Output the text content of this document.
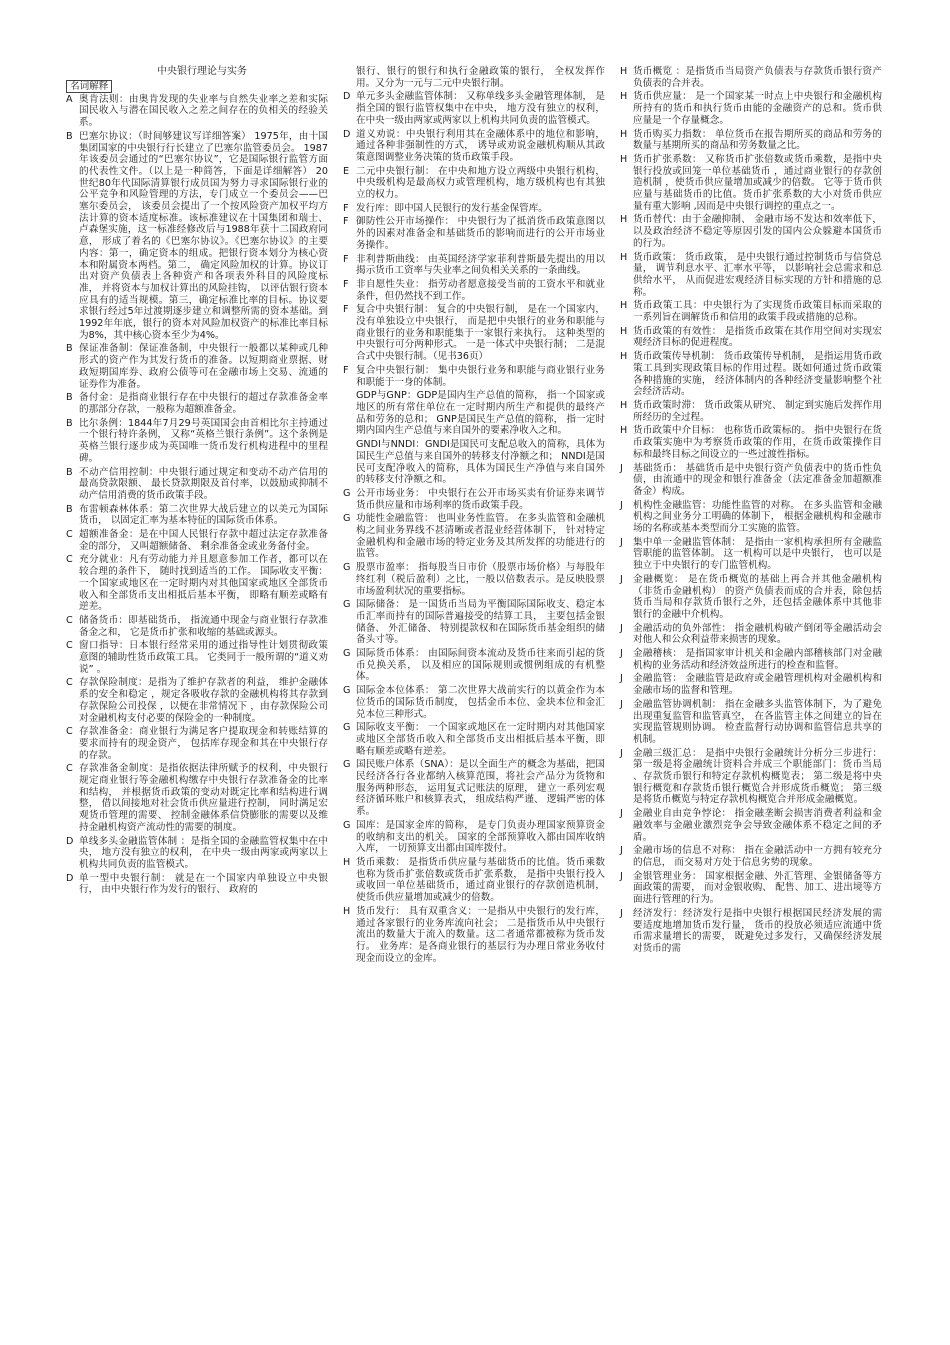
中央银行理论与实务
名词解释
A 奥肯法则：由奥肯发现的失业率与自然失业率之差和实际国民收入与潜在国民收入之差之间存在的负相关的经验关系。
B 巴塞尔协议：（时间够建议写详细答案） 1975年，由十国集团国家的中央银行行长建立了巴塞尔监管委员会。 1987年该委员会通过的“巴塞尔协议”，它是国际银行监管方面的代表性文件。（以上是一种简答，下面是详细解答） 20世纪80年代国际清算银行成员国为努力寻求国际银行业的公平竞争和风险管理的方法，专门成立一个委员会——巴塞尔委员会， 该委员会提出了一个按风险资产加权平均方法计算的资本适度标准。该标准建议在十国集团和瑞士、卢森堡实施，这一标准经修改后与1988年获十二国政府同意， 形成了着名的《巴塞尔协议》。《巴塞尔协议》的主要内容：第一，确定资本的组成。把银行资本划分为核心资本和附属资本两档。第二， 确定风险加权的计算。协议订出对资产负债表上各种资产和各项表外科目的风险度标准， 并将资本与加权计算出的风险挂钩， 以评估银行资本应具有的适当规模。第三，确定标准比率的目标。协议要求银行经过5年过渡期逐步建立和调整所需的资本基础。到1992年年底，银行的资本对风险加权资产的标准比率目标为8%，其中核心资本至少为4%。
B 保证准备制：保证准备制，中央银行一般都以某种或几种形式的资产作为其发行货币的准备。以短期商业票据、财政短期国库券、政府公债等可在金融市场上交易、流通的证券作为准备。
B 备付金：是指商业银行存在中央银行的超过存款准备金率的那部分存款，一般称为超额准备金。
B 比尔条例：1844年7月29号英国国会由首相比尔主持通过一个银行特许条例， 又称“英格兰银行条例”。这个条例是英格兰银行逐步成为英国唯一货币发行机构进程中的里程碑。
B 不动产信用控制：中央银行通过规定和变动不动产信用的最高贷款限额、 最长贷款期限及首付率，以鼓励或抑制不动产信用消费的货币政策手段。
B 布雷顿森林体系：第二次世界大战后建立的以美元为国际货币， 以固定汇率为基本特征的国际货币体系。
C 超额准备金：是在中国人民银行存款中超过法定存款准备金的部分， 又叫超额储备、 剩余准备金或业务备付金。
C 充分就业：凡有劳动能力并且愿意参加工作者，都可以在较合理的条件下， 随时找到适当的工作。 国际收支平衡：一个国家或地区在一定时期内对其他国家或地区全部货币收入和全部货币支出相抵后基本平衡， 即略有顺差或略有逆差。
C 储备货币：即基础货币， 指流通中现金与商业银行存款准备金之和， 它是货币扩张和收缩的基础或源头。
C 窗口指导：日本银行经常采用的通过指导性计划贯彻政策意图的辅助性货币政策工具。 它类同于一般所谓的“道义劝说” 。
C 存款保险制度：是指为了维护存款者的利益， 维护金融体系的安全和稳定 ，规定各吸收存款的金融机构将其存款到存款保险公司投保 ，以便在非常情况下 ，由存款保险公司对金融机构支付必要的保险金的一种制度。
C 存款准备金：商业银行为满足客户提取现金和转账结算的要求而持有的现金资产， 包括库存现金和其在中央银行存的存款。
C 存款准备金制度：是指依据法律所赋予的权利，中央银行规定商业银行等金融机构缴存中央银行存款准备金的比率和结构， 并根据货币政策的变动对既定比率和结构进行调整， 借以间接地对社会货币供应量进行控制， 同时满足宏观货币管理的需要、 控制金融体系信贷膨胀的需要以及维持金融机构资产流动性的需要的制度。
D 单线多头金融监管体制 ：是指全国的金融监管权集中在中央， 地方没有独立的权利， 在中央一级由两家或两家以上机构共同负责的监管模式。
D 单一型中央银行制： 就是在一个国家内单独设立中央银行， 由中央银行作为发行的银行、 政府的
银行、银行的银行和执行金融政策的银行， 全权发挥作用。又分为一元与二元中央银行制。
D 单元多头金融监管体制： 又称单线多头金融管理体制， 是指全国的银行监管权集中在中央， 地方没有独立的权利， 在中央一级由两家或两家以上机构共同负责的监管模式。
D 道义劝说：中央银行利用其在金融体系中的地位和影响， 通过各种非强制性的方式， 诱导或劝说金融机构顺从其政策意图调整业务决策的货币政策手段。
E 二元中央银行制： 在中央和地方设立两级中央银行机构，中央级机构是最高权力或管理机构，地方级机构也有其独立的权力。
F 发行库：即中国人民银行的发行基金保管库。
F 御防性公开市场操作： 中央银行为了抵消货币政策意图以外的因素对准备金和基础货币的影响而进行的公开市场业务操作。
F 非利普斯曲线： 由英国经济学家菲利普斯最先提出的用以揭示货币工资率与失业率之间负相关关系的一条曲线。
F 非自愿性失业： 指劳动者愿意接受当前的工资水平和就业条件，但仍然找不到工作。
F 复合中央银行制： 复合的中央银行制， 是在一个国家内， 没有单独设立中央银行， 而是把中央银行的业务和职能与商业银行的业务和职能集于一家银行来执行。 这种类型的中央银行可分两种形式。 一是一体式中央银行制； 二是混合式中央银行制。（见书36页）
F 复合中央银行制： 集中央银行业务和职能与商业银行业务和职能于一身的体制。
GDP与GNP：GDP是国内生产总值的简称， 指一个国家或地区的所有常住单位在一定时期内所生产和提供的最终产品和劳务的总和； GNP是国民生产总值的简称， 指一定时期内国内生产总值与来自国外的要素净收入之和。
GNDI与NNDI：GNDI是国民可支配总收入的简称，具体为国民生产总值与来自国外的转移支付净额之和； NNDI是国民可支配净收入的简称，具体为国民生产净值与来自国外的转移支付净额之和。
G 公开市场业务： 中央银行在公开市场买卖有价证券来调节货币供应量和市场利率的货币政策手段。
G 功能性金融监管： 也叫业务性监管。 在多头监管和金融机构之间业务界线不甚清晰或者混业经营体制下， 针对特定金融机构和金融市场的特定业务及其所发挥的功能进行的监管。
G 股票市盈率： 指每股当日市价（股票市场价格）与每股年终红利（税后盈利）之比，一般以倍数表示。是反映股票市场盈利状况的重要指标。
G 国际储备： 是一国货币当局为平衡国际国际收支、稳定本币汇率而持有的国际普遍接受的结算工具， 主要包括金银储备、 外汇储备、 特别提款权和在国际货币基金组织的储备头寸等。
G 国际货币体系： 由国际间资本流动及货币往来而引起的货币兑换关系， 以及相应的国际规则或惯例组成的有机整体。
G 国际金本位体系： 第二次世界大战前实行的以黄金作为本位货币的国际货币制度， 包括金币本位、金块本位和金汇兑本位三种形式。
G 国际收支平衡： 一个国家或地区在一定时期内对其他国家或地区全部货币收入和全部货币支出相抵后基本平衡，即略有顺差或略有逆差。
G 国民账户体系（SNA）：是以全面生产的概念为基础，把国民经济各行各业都纳入核算范围，将社会产品分为货物和服务两种形态， 运用复式记账法的原理， 建立一系列宏观经济循环账户和核算表式， 组成结构严谨、 逻辑严密的体系。
G 国库：是国家金库的简称， 是专门负责办理国家预算资金的收纳和支出的机关。 国家的全部预算收入都由国库收纳入库， 一切预算支出都由国库拨付。
H 货币乘数： 是指货币供应量与基础货币的比值。货币乘数也称为货币扩张倍数或货币扩张系数， 是指中央银行投入或收回一单位基础货币，通过商业银行的存款创造机制， 使货币供应量增加或减少的倍数。
H 货币发行： 具有双重含义：一是指从中央银行的发行库，通过各家银行的业务库流向社会； 二是指货币从中央银行流出的数量大于流入的数量。这二者通常都被称为货币发行。 业务库：是各商业银行的基层行为办理日常业务收付现金而设立的金库。
H 货币概览 ：是指货币当局资产负债表与存款货币银行资产负债表的合并表。
H 货币供应量： 是一个国家某一时点上中央银行和金融机构所持有的货币和执行货币由能的金融资产的总和。货币供应量是一个存量概念。
H 货币购买力指数： 单位货币在报告期所买的商品和劳务的数量与基期所买的商品和劳务数量之比。
H 货币扩张系数： 又称货币扩张倍数或货币乘数，是指中央银行投放或回笼一单位基础货币 ，通过商业银行的存款创造机制 ，使货币供应量增加或减少的倍数。 它等于货币供应量与基础货币的比值。货币扩张系数的大小对货币供应量有重大影响 ,因而是中央银行调控的重点之一。
H 货币替代：由于金融抑制、 金融市场不发达和效率低下， 以及政治经济不稳定等原因引发的国内公众躲避本国货币的行为。
H 货币政策： 货币政策， 是中央银行通过控制货币与信贷总量， 调节利息水平、汇率水平等， 以影响社会总需求和总供给水平， 从而促进宏观经济目标实现的方针和措施的总称。
H 货币政策工具：中央银行为了实现货币政策目标而采取的一系列旨在调解货币和信用的政策手段或措施的总称。
H 货币政策的有效性： 是指货币政策在其作用空间对实现宏观经济目标的促进程度。
H 货币政策传导机制： 货币政策传导机制， 是指运用货币政策工具到实现政策目标的作用过程。既如何通过货币政策各种措施的实施， 经济体制内的各种经济变量影响整个社会经济活动。
H 货币政策时滞： 货币政策从研究、 制定到实施后发挥作用所经历的全过程。
H 货币政策中介目标： 也称货币政策标的。 指中央银行在货币政策实施中为考察货币政策的作用，在货币政策操作目标和最终目标之间设立的一些过渡性指标。
J	基础货币： 基础货币是中央银行资产负债表中的货币性负债，由流通中的现金和银行准备金（法定准备金加超额准备金）构成。
J	机构性金融监管：功能性监管的对称。 在多头监管和金融机构之间业务分工明确的体制下， 根据金融机构和金融市场的名称或基本类型而分工实施的监管。
J	集中单一金融监管体制： 是指由一家机构承担所有金融监管职能的监管体制。 这一机构可以是中央银行， 也可以是独立于中央银行的专门监管机构。
J	金融概览： 是在货币概览的基础上再合并其他金融机构（非货币金融机构） 的资产负债表而成的合并表，除包括货币当局和存款货币银行之外，还包括金融体系中其他非银行的金融中介机构。
J	金融活动的负外部性： 指金融机构破产倒闭等金融活动会对他人和公众利益带来损害的现象。
J	金融稽核： 是指国家审计机关和金融内部稽核部门对金融机构的业务活动和经济效益所进行的检查和监督。
J	金融监管： 金融监管是政府或金融管理机构对金融机构和金融市场的监督和管理。
J	金融监管协调机制： 指在金融多头监管体制下，为了避免出现重复监管和监管真空， 在各监管主体之间建立的旨在实现监管规则协调。 检查监督行动协调和监管信息共享的机制。
J	金融三级汇总： 是指中央银行金融统计分析分三步进行：第一级是将金融统计资料合并成三个职能部门：货币当局 、存款货币银行和特定存款机构概览表； 第二级是将中央银行概览和存款货币银行概览合并形成货币概览； 第三级是将货币概览与特定存款机构概览合并形成金融概览。
J	金融业自由竞争悖论： 指金融垄断会损害消费者利益和金融效率与金融业激烈竞争会导致金融体系不稳定之间的矛盾。
J	金融市场的信息不对称： 指在金融活动中一方拥有较充分的信息， 而交易对方处于信息劣势的现象。
J	金银管理业务： 国家根据金融、外汇管理、金银储备等方面政策的需要， 而对金银收购、 配售、加工、进出境等方面进行管理的行为。
J	经济发行：经济发行是指中央银行根据国民经济发展的需要适度地增加货币发行量， 货币的投放必须适应流通中货币需求量增长的需要， 既避免过多发行，又确保经济发展对货币的需
